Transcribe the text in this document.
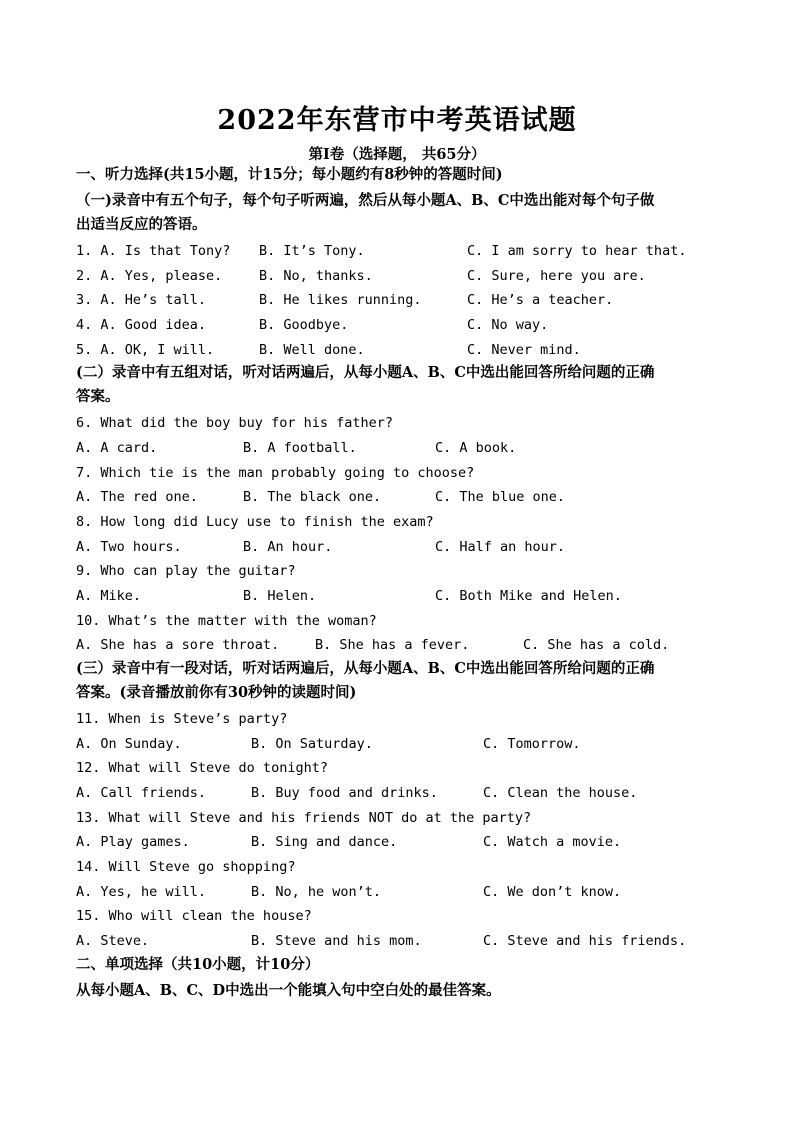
2022年东营市中考英语试题
第Ⅰ卷（选择题， 共65分）
一、听力选择(共15小题，计15分；每小题约有8秒钟的答题时间)
（一)录音中有五个句子，每个句子听两遍，然后从每小题A、B、C中选出能对每个句子做
出适当反应的答语。
1. A. Is that Tony? B. It’s Tony.	C. I am sorry to hear that.
2. A. Yes, please.	B. No, thanks.	C. Sure, here you are.
3. A. He’s tall.	B. He likes running.	C. He’s a teacher.
4. A. Good idea.	B. Goodbye.	C. No way.
5. A. OK, I will.	B. Well done.	C. Never mind.
(二）录音中有五组对话，听对话两遍后，从每小题A、B、C中选出能回答所给问题的正确
答案。
6. What did the boy buy for his father?
A. A card.	B. A football.	C. A book.
7. Which tie is the man probably going to choose?
A. The red one.	B. The black one.	C. The blue one.
8. How long did Lucy use to finish the exam?
A. Two hours.	B. An hour.	C. Half an hour.
9. Who can play the guitar?
A. Mike.	B. Helen.	C. Both Mike and Helen.
10. What’s the matter with the woman?
A. She has a sore throat.	B. She has a fever.	C. She has a cold.
(三）录音中有一段对话，听对话两遍后，从每小题A、B、C中选出能回答所给问题的正确
答案。(录音播放前你有30秒钟的读题时间)
11. When is Steve’s party?
A. On Sunday.	B. On Saturday.	C. Tomorrow.
12. What will Steve do tonight?
A. Call friends.	B. Buy food and drinks.	C. Clean the house.
13. What will Steve and his friends NOT do at the party?
A. Play games.	B. Sing and dance.	C. Watch a movie.
14. Will Steve go shopping?
A. Yes, he will.	B. No, he won’t.	C. We don’t know.
15. Who will clean the house?
A. Steve.	B. Steve and his mom.	C. Steve and his friends.
二、单项选择（共10小题，计10分）
从每小题A、B、C、D中选出一个能填入句中空白处的最佳答案。
